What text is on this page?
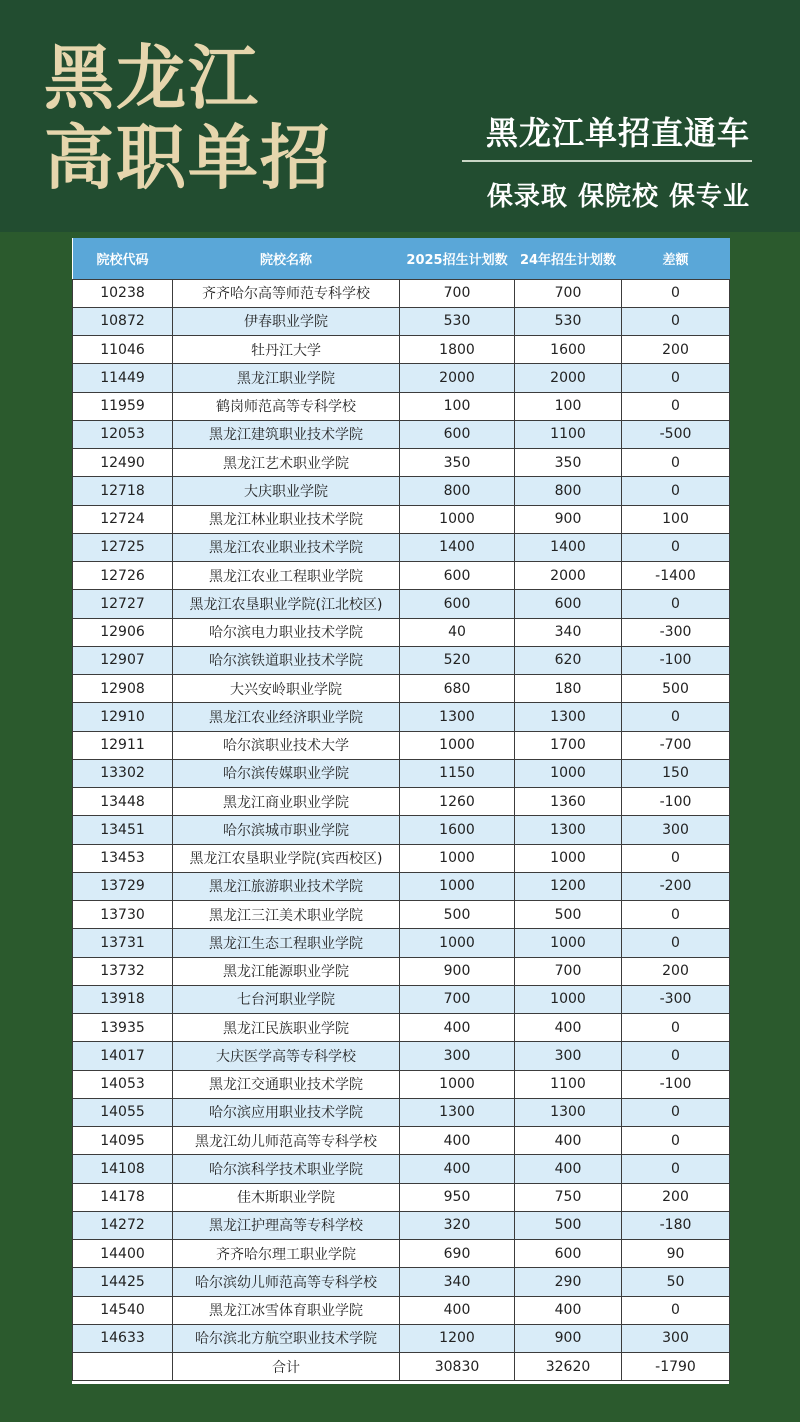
黑龙江
高职单招	黑龙江单招直通车
保录取 保院校 保专业
院校代码	院校名称	2025招生计划数	24年招生计划数	差额
10238	齐齐哈尔高等师范专科学校	700	700	0
10872	伊春职业学院	530	530	0
11046	牡丹江大学	1800	1600	200
11449	黑龙江职业学院	2000	2000	0
11959	鹤岗师范高等专科学校	100	100	0
12053	黑龙江建筑职业技术学院	600	1100	-500
12490	黑龙江艺术职业学院	350	350	0
12718	大庆职业学院	800	800	0
12724	黑龙江林业职业技术学院	1000	900	100
12725	黑龙江农业职业技术学院	1400	1400	0
12726	黑龙江农业工程职业学院	600	2000	-1400
12727	黑龙江农垦职业学院(江北校区)	600	600	0
12906	哈尔滨电力职业技术学院	40	340	-300
12907	哈尔滨铁道职业技术学院	520	620	-100
12908	大兴安岭职业学院	680	180	500
12910	黑龙江农业经济职业学院	1300	1300	0
12911	哈尔滨职业技术大学	1000	1700	-700
13302	哈尔滨传媒职业学院	1150	1000	150
13448	黑龙江商业职业学院	1260	1360	-100
13451	哈尔滨城市职业学院	1600	1300	300
13453	黑龙江农垦职业学院(宾西校区)	1000	1000	0
13729	黑龙江旅游职业技术学院	1000	1200	-200
13730	黑龙江三江美术职业学院	500	500	0
13731	黑龙江生态工程职业学院	1000	1000	0
13732	黑龙江能源职业学院	900	700	200
13918	七台河职业学院	700	1000	-300
13935	黑龙江民族职业学院	400	400	0
14017	大庆医学高等专科学校	300	300	0
14053	黑龙江交通职业技术学院	1000	1100	-100
14055	哈尔滨应用职业技术学院	1300	1300	0
14095	黑龙江幼儿师范高等专科学校	400	400	0
14108	哈尔滨科学技术职业学院	400	400	0
14178	佳木斯职业学院	950	750	200
14272	黑龙江护理高等专科学校	320	500	-180
14400	齐齐哈尔理工职业学院	690	600	90
14425	哈尔滨幼儿师范高等专科学校	340	290	50
14540	黑龙江冰雪体育职业学院	400	400	0
14633	哈尔滨北方航空职业技术学院	1200	900	300
	合计	30830	32620	-1790
